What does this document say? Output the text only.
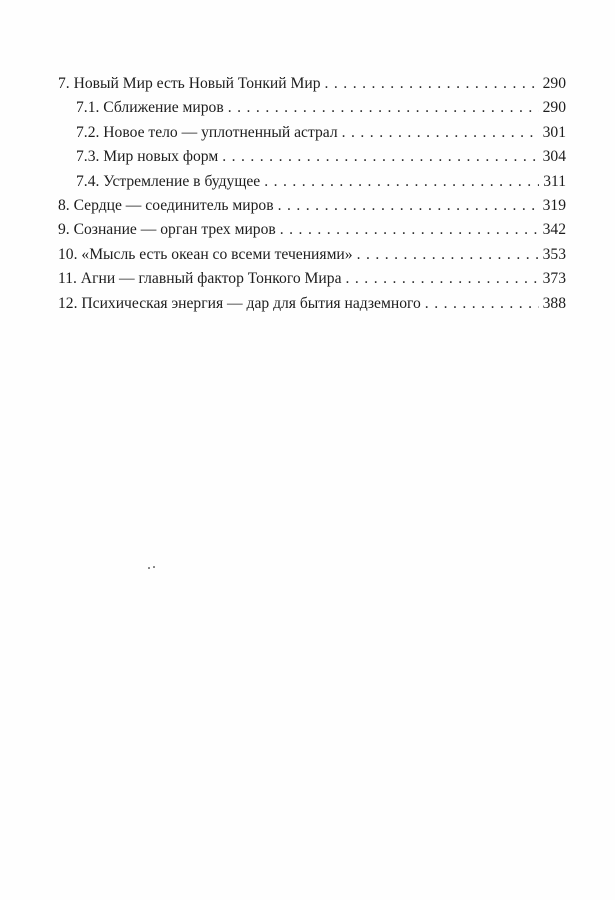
7. Новый Мир есть Новый Тонкий Мир . . .	290
7.1. Сближение миров . . .	290
7.2. Новое тело — уплотненный астрал . . .	301
7.3. Мир новых форм . . .	304
7.4. Устремление в будущее . . .	311
8. Сердце — соединитель миров . . .	319
9. Сознание — орган трех миров . . .	342
10. «Мысль есть океан со всеми течениями» . . .	353
11. Агни — главный фактор Тонкого Мира . . .	373
12. Психическая энергия — дар для бытия надземного . . .	388
